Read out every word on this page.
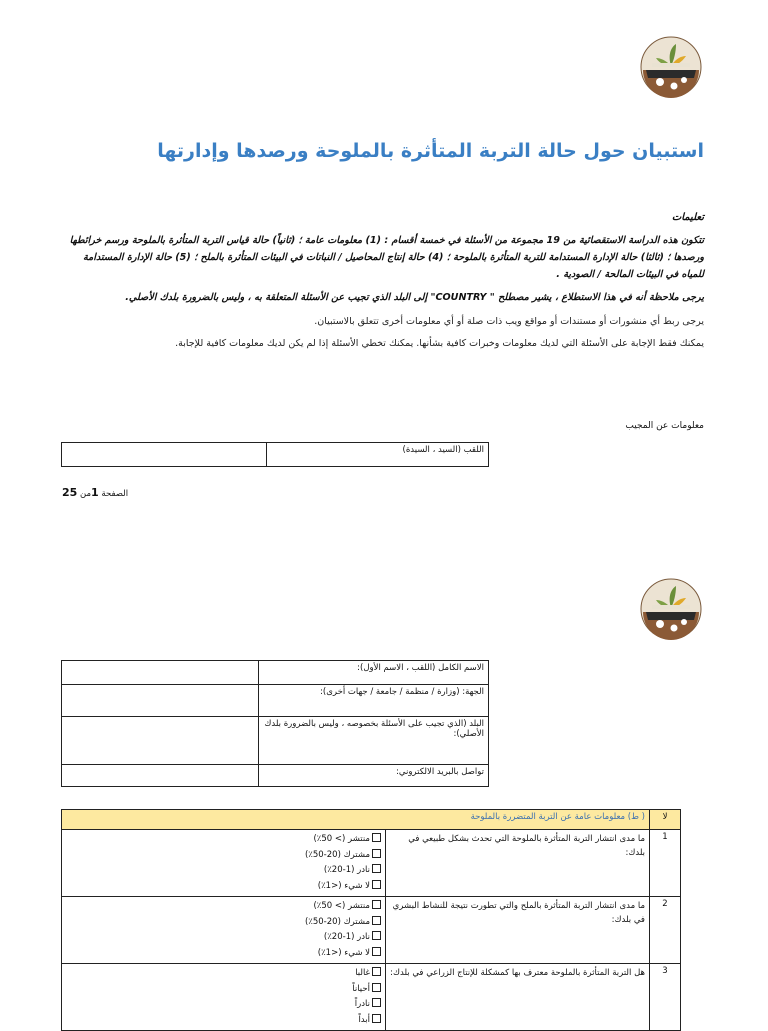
استبيان حول حالة التربة المتأثرة بالملوحة ورصدها وإدارتها
تعليمات
تتكون هذه الدراسة الاستقصائية من 19 مجموعة من الأسئلة في خمسة أقسام : (1) معلومات عامة ؛ (ثانياً) حالة قياس التربة المتأثرة بالملوحة ورسم خرائطها ورصدها ؛ (ثالثا) حالة الإدارة المستدامة للتربة المتأثرة بالملوحة ؛ (4) حالة إنتاج المحاصيل / النباتات في البيئات المتأثرة بالملح ؛ (5) حالة الإدارة المستدامة للمياه في البيئات المالحة / الصودية .
يرجى ملاحظة أنه في هذا الاستطلاع ، يشير مصطلح " COUNTRY" إلى البلد الذي تجيب عن الأسئلة المتعلقة به ، وليس بالضرورة بلدك الأصلي.
يرجى ربط أي منشورات أو مستندات أو مواقع ويب ذات صلة أو أي معلومات أخرى تتعلق بالاستبيان.
يمكنك فقط الإجابة على الأسئلة التي لديك معلومات وخبرات كافية بشأنها. يمكنك تخطي الأسئلة إذا لم يكن لديك معلومات كافية للإجابة.
معلومات عن المجيب
	اللقب (السيد ، السيدة)
الصفحة 1من 25
	الاسم الكامل (اللقب ، الاسم الأول):
	الجهة: (وزارة / منظمة / جامعة / جهات أخرى):
	البلد (الذي تجيب على الأسئلة بخصوصه ، وليس بالضرورة بلدك الأصلي):
	تواصل بالبريد الالكتروني:
( ط) معلومات عامة عن التربة المتضررة بالملوحة		لا

منتشر (> 50٪)
مشترك (20-50٪)
نادر (1-20٪)
لا شيء (<1٪)	ما مدى انتشار التربة المتأثرة بالملوحة التي تحدث بشكل طبيعي في بلدك:	1

منتشر (> 50٪)
مشترك (20-50٪)
نادر (1-20٪)
لا شيء (<1٪)	ما مدى انتشار التربة المتأثرة بالملح والتي تطورت نتيجة للنشاط البشري في بلدك:	2

غالبا
أحياناً
نادراً
أبداً	هل التربة المتأثرة بالملوحة معترف بها كمشكلة للإنتاج الزراعي في بلدك:	3
